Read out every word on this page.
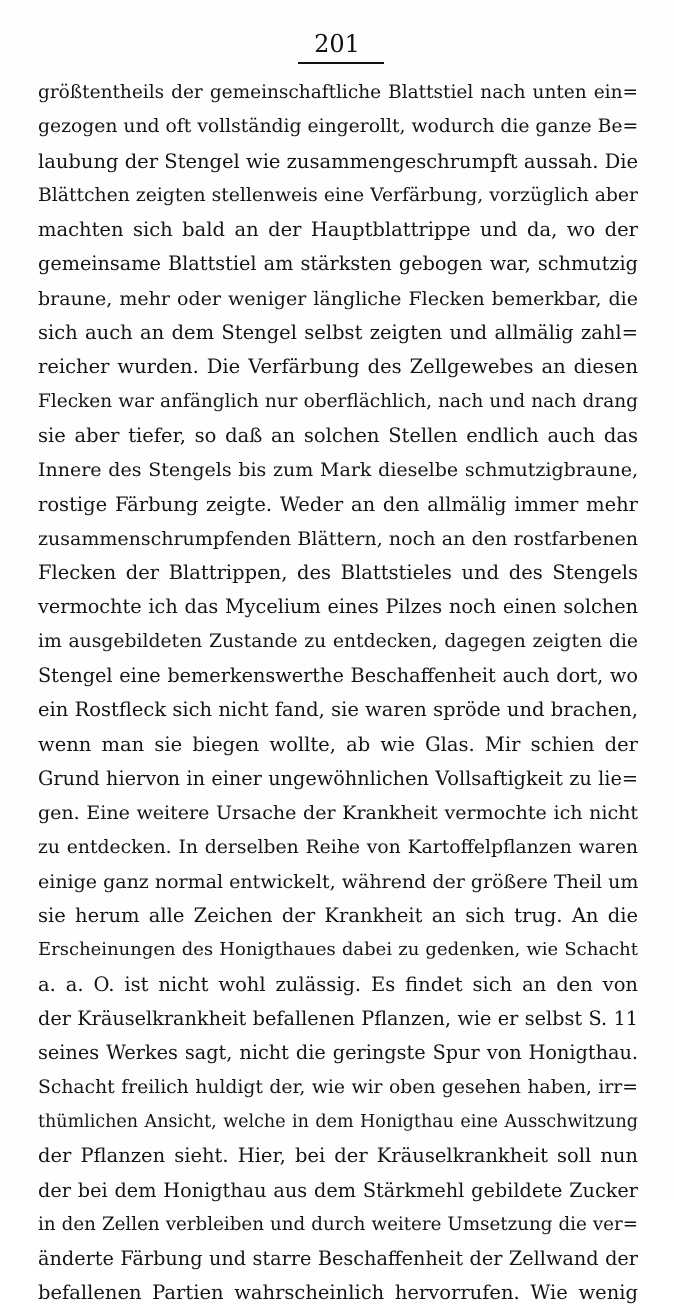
201
größtentheils der gemeinschaftliche Blattstiel nach unten ein=
gezogen und oft vollständig eingerollt, wodurch die ganze Be=
laubung der Stengel wie zusammengeschrumpft aussah. Die
Blättchen zeigten stellenweis eine Verfärbung, vorzüglich aber
machten sich bald an der Hauptblattrippe und da, wo der
gemeinsame Blattstiel am stärksten gebogen war, schmutzig
braune, mehr oder weniger längliche Flecken bemerkbar, die
sich auch an dem Stengel selbst zeigten und allmälig zahl=
reicher wurden. Die Verfärbung des Zellgewebes an diesen
Flecken war anfänglich nur oberflächlich, nach und nach drang
sie aber tiefer, so daß an solchen Stellen endlich auch das
Innere des Stengels bis zum Mark dieselbe schmutzigbraune,
rostige Färbung zeigte. Weder an den allmälig immer mehr
zusammenschrumpfenden Blättern, noch an den rostfarbenen
Flecken der Blattrippen, des Blattstieles und des Stengels
vermochte ich das Mycelium eines Pilzes noch einen solchen
im ausgebildeten Zustande zu entdecken, dagegen zeigten die
Stengel eine bemerkenswerthe Beschaffenheit auch dort, wo
ein Rostfleck sich nicht fand, sie waren spröde und brachen,
wenn man sie biegen wollte, ab wie Glas. Mir schien der
Grund hiervon in einer ungewöhnlichen Vollsaftigkeit zu lie=
gen. Eine weitere Ursache der Krankheit vermochte ich nicht
zu entdecken. In derselben Reihe von Kartoffelpflanzen waren
einige ganz normal entwickelt, während der größere Theil um
sie herum alle Zeichen der Krankheit an sich trug. An die
Erscheinungen des Honigthaues dabei zu gedenken, wie Schacht
a. a. O. ist nicht wohl zulässig. Es findet sich an den von
der Kräuselkrankheit befallenen Pflanzen, wie er selbst S. 11
seines Werkes sagt, nicht die geringste Spur von Honigthau.
Schacht freilich huldigt der, wie wir oben gesehen haben, irr=
thümlichen Ansicht, welche in dem Honigthau eine Ausschwitzung
der Pflanzen sieht. Hier, bei der Kräuselkrankheit soll nun
der bei dem Honigthau aus dem Stärkmehl gebildete Zucker
in den Zellen verbleiben und durch weitere Umsetzung die ver=
änderte Färbung und starre Beschaffenheit der Zellwand der
befallenen Partien wahrscheinlich hervorrufen. Wie wenig
